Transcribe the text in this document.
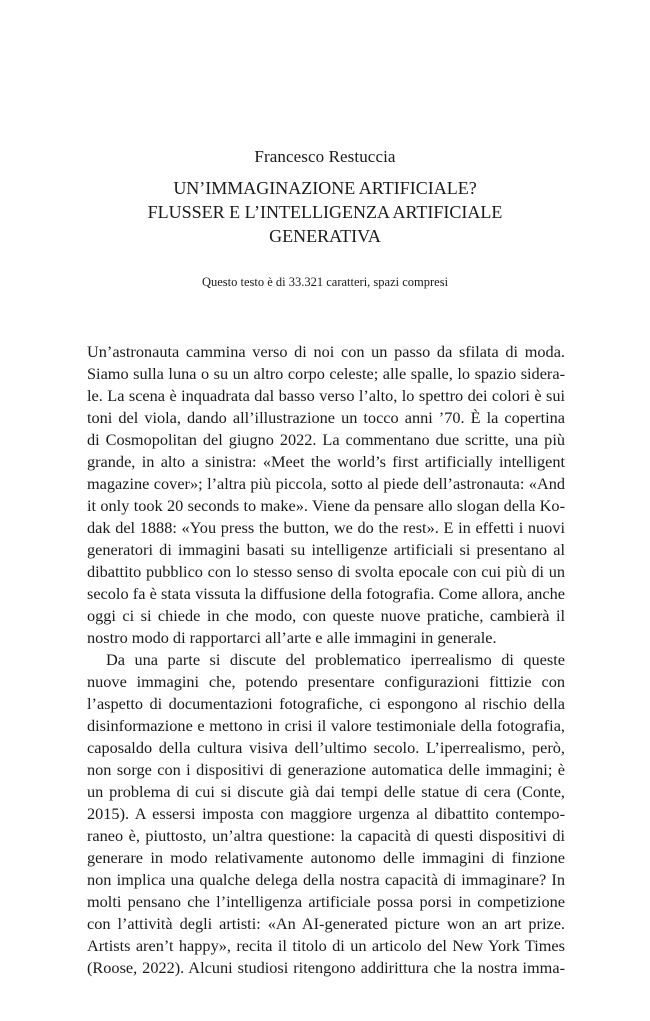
Francesco Restuccia
UN’IMMAGINAZIONE ARTIFICIALE?
FLUSSER E L’INTELLIGENZA ARTIFICIALE
GENERATIVA
Questo testo è di 33.321 caratteri, spazi compresi
Un’astronauta cammina verso di noi con un passo da sfilata di moda.
Siamo sulla luna o su un altro corpo celeste; alle spalle, lo spazio sidera-
le. La scena è inquadrata dal basso verso l’alto, lo spettro dei colori è sui
toni del viola, dando all’illustrazione un tocco anni ’70. È la copertina
di Cosmopolitan del giugno 2022. La commentano due scritte, una più
grande, in alto a sinistra: «Meet the world’s first artificially intelligent
magazine cover»; l’altra più piccola, sotto al piede dell’astronauta: «And
it only took 20 seconds to make». Viene da pensare allo slogan della Ko-
dak del 1888: «You press the button, we do the rest». E in effetti i nuovi
generatori di immagini basati su intelligenze artificiali si presentano al
dibattito pubblico con lo stesso senso di svolta epocale con cui più di un
secolo fa è stata vissuta la diffusione della fotografia. Come allora, anche
oggi ci si chiede in che modo, con queste nuove pratiche, cambierà il
nostro modo di rapportarci all’arte e alle immagini in generale.
Da una parte si discute del problematico iperrealismo di queste
nuove immagini che, potendo presentare configurazioni fittizie con
l’aspetto di documentazioni fotografiche, ci espongono al rischio della
disinformazione e mettono in crisi il valore testimoniale della fotografia,
caposaldo della cultura visiva dell’ultimo secolo. L’iperrealismo, però,
non sorge con i dispositivi di generazione automatica delle immagini; è
un problema di cui si discute già dai tempi delle statue di cera (Conte,
2015). A essersi imposta con maggiore urgenza al dibattito contempo-
raneo è, piuttosto, un’altra questione: la capacità di questi dispositivi di
generare in modo relativamente autonomo delle immagini di finzione
non implica una qualche delega della nostra capacità di immaginare? In
molti pensano che l’intelligenza artificiale possa porsi in competizione
con l’attività degli artisti: «An AI-generated picture won an art prize.
Artists aren’t happy», recita il titolo di un articolo del New York Times
(Roose, 2022). Alcuni studiosi ritengono addirittura che la nostra imma-
